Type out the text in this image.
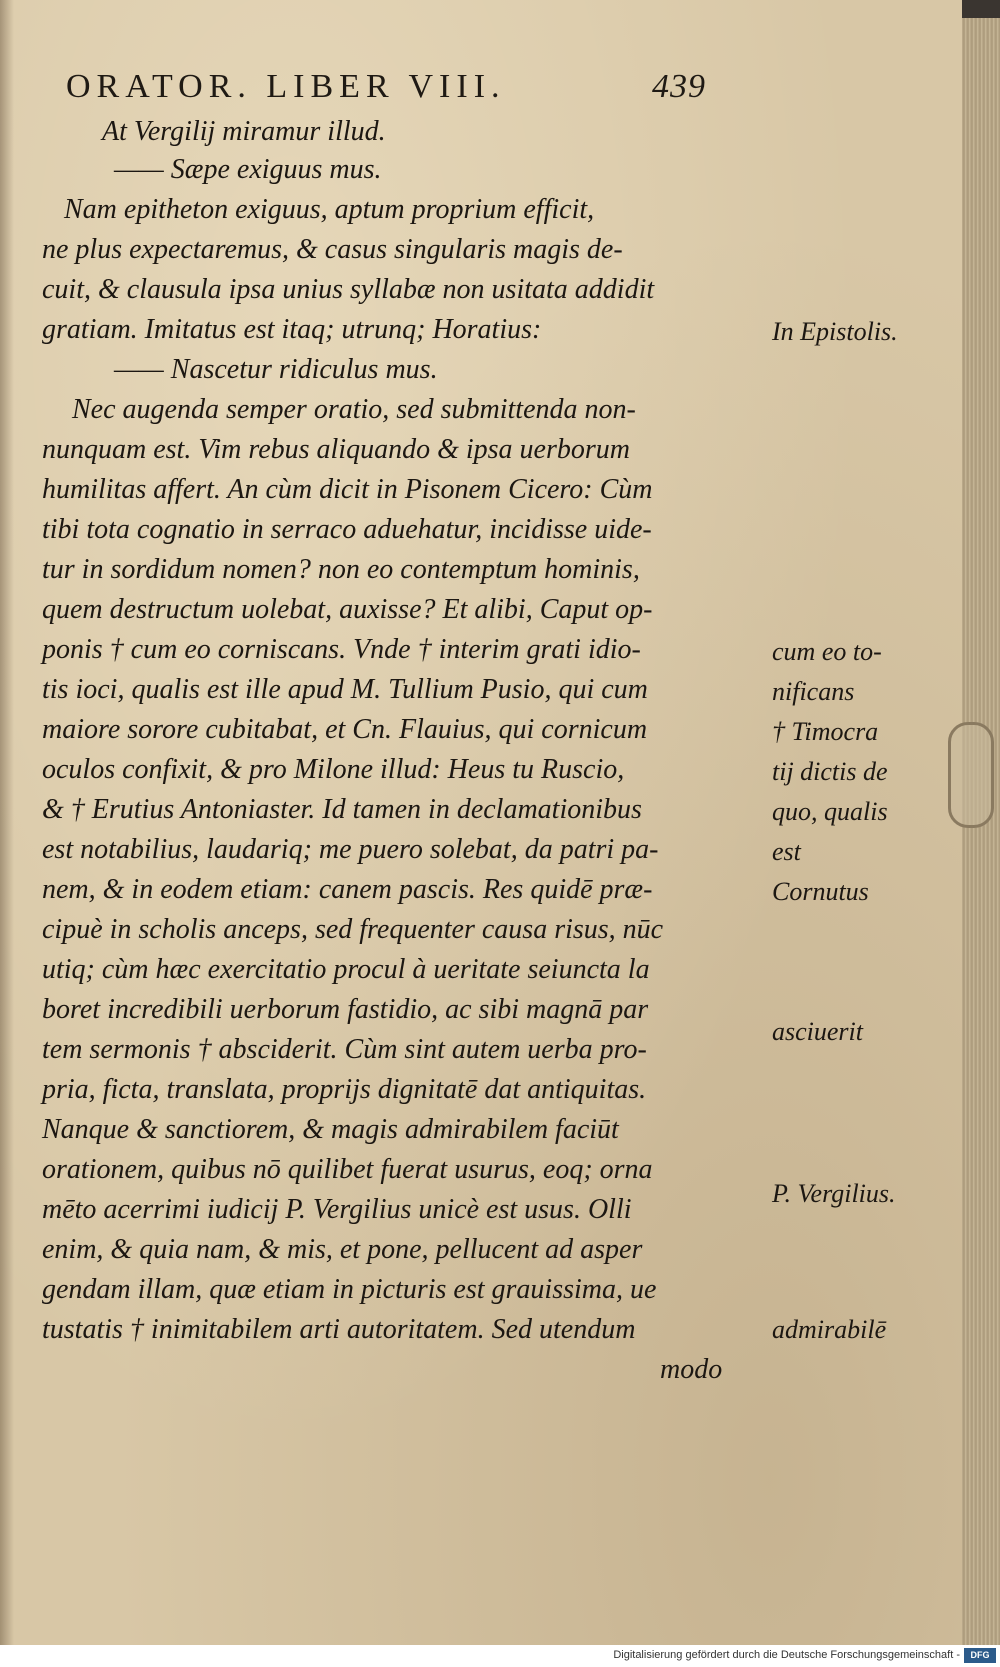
ORATOR. LIBER VIII.	439
At Vergilij miramur illud.
—— Sæpe exiguus mus.
Nam epitheton exiguus, aptum proprium efficit,
ne plus expectaremus, & casus singularis magis de-
cuit, & clausula ipsa unius syllabæ non usitata addidit
gratiam. Imitatus est itaq; utrunq; Horatius:
—— Nascetur ridiculus mus.
Nec augenda semper oratio, sed submittenda non-
nunquam est. Vim rebus aliquando & ipsa uerborum
humilitas affert. An cùm dicit in Pisonem Cicero: Cùm
tibi tota cognatio in serraco aduehatur, incidisse uide-
tur in sordidum nomen? non eo contemptum hominis,
quem destructum uolebat, auxisse? Et alibi, Caput op-
ponis † cum eo corniscans. Vnde † interim grati idio-
tis ioci, qualis est ille apud M. Tullium Pusio, qui cum
maiore sorore cubitabat, et Cn. Flauius, qui cornicum
oculos confixit, & pro Milone illud: Heus tu Ruscio,
& † Erutius Antoniaster. Id tamen in declamationibus
est notabilius, laudariq; me puero solebat, da patri pa-
nem, & in eodem etiam: canem pascis. Res quidē præ-
cipuè in scholis anceps, sed frequenter causa risus, nūc
utiq; cùm hæc exercitatio procul à ueritate seiuncta la
boret incredibili uerborum fastidio, ac sibi magnā par
tem sermonis † absciderit. Cùm sint autem uerba pro-
pria, ficta, translata, proprijs dignitatē dat antiquitas.
Nanque & sanctiorem, & magis admirabilem faciūt
orationem, quibus nō quilibet fuerat usurus, eoq; orna
mēto acerrimi iudicij P. Vergilius unicè est usus. Olli
enim, & quia nam, & mis, et pone, pellucent ad asper
gendam illam, quæ etiam in picturis est grauissima, ue
tustatis † inimitabilem arti autoritatem. Sed utendum
modo
In Epistolis.
cum eo to-
nificans
† Timocra
tij dictis de
quo, qualis
est
Cornutus
asciuerit
P. Vergilius.
admirabilē
Digitalisierung gefördert durch die Deutsche Forschungsgemeinschaft -	DFG
